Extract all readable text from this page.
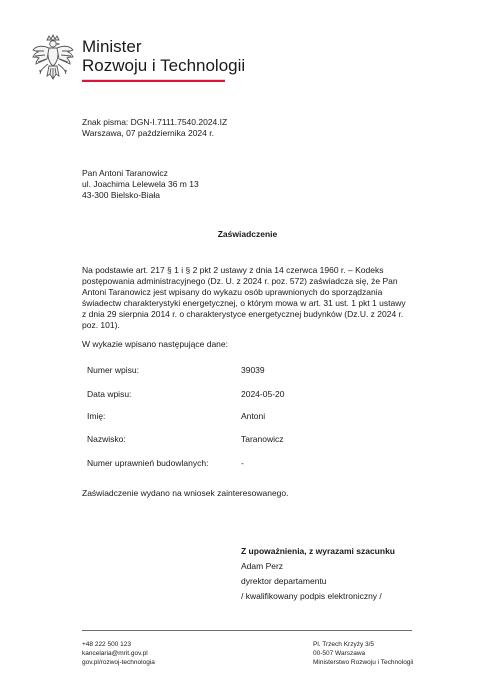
Minister
Rozwoju i Technologii
Znak pisma: DGN-I.7111.7540.2024.IZ
Warszawa, 07 października 2024 r.
Pan Antoni Taranowicz
ul. Joachima Lelewela 36 m 13
43-300 Bielsko-Biała
Zaświadczenie
Na podstawie art. 217 § 1 i § 2 pkt 2 ustawy z dnia 14 czerwca 1960 r. – Kodeks postępowania administracyjnego (Dz. U. z 2024 r. poz. 572) zaświadcza się, że Pan Antoni Taranowicz jest wpisany do wykazu osób uprawnionych do sporządzania świadectw charakterystyki energetycznej, o którym mowa w art. 31 ust. 1 pkt 1 ustawy z dnia 29 sierpnia 2014 r. o charakterystyce energetycznej budynków (Dz.U. z 2024 r. poz. 101).
W wykazie wpisano następujące dane:
Numer wpisu:	39039
Data wpisu:	2024-05-20
Imię:	Antoni
Nazwisko:	Taranowicz
Numer uprawnień budowlanych:	-
Zaświadczenie wydano na wniosek zainteresowanego.
Z upoważnienia, z wyrazami szacunku
Adam Perz
dyrektor departamentu
/ kwalifikowany podpis elektroniczny /
+48 222 500 123
kancelaria@mrit.gov.pl
gov.pl/rozwoj-technologia
Pl. Trzech Krzyży 3/5
00-507 Warszawa
Ministerstwo Rozwoju i Technologii
